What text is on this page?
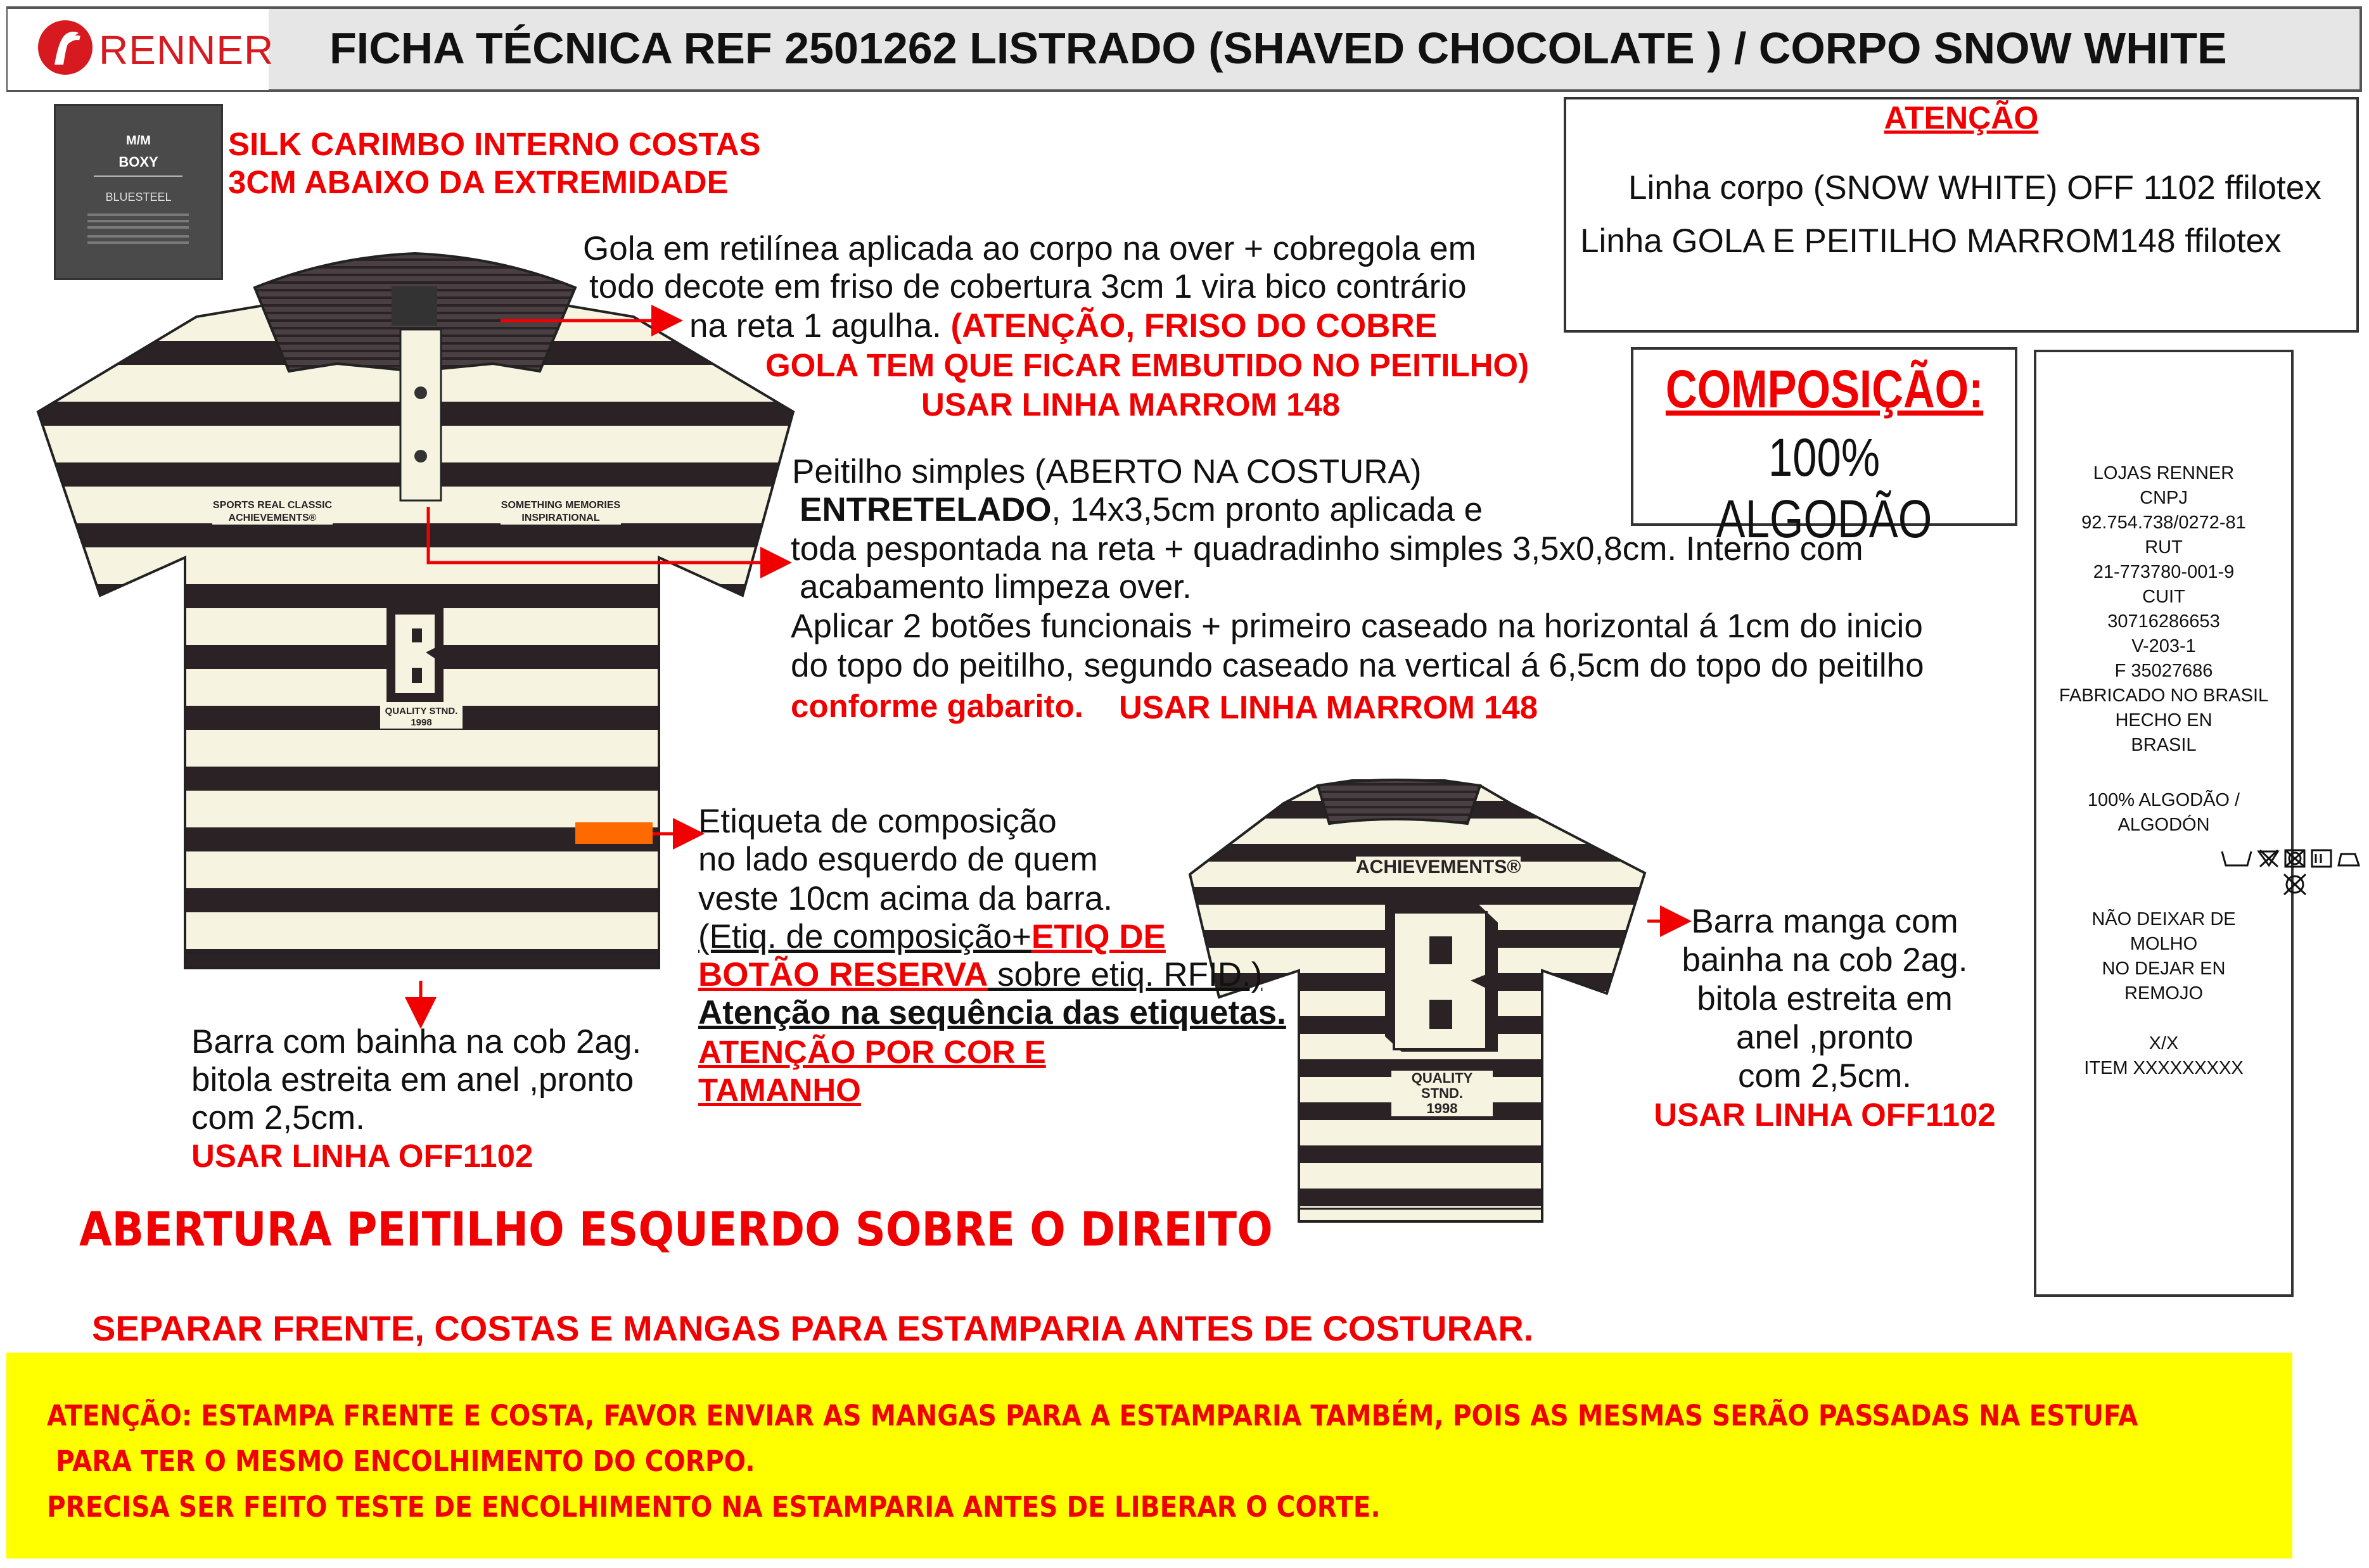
RENNER FICHA TÉCNICA REF 2501262 LISTRADO (SHAVED CHOCOLATE ) / CORPO SNOW WHITE
M/M
BOXY
BLUESTEEL
SILK CARIMBO INTERNO COSTAS
3CM ABAIXO DA EXTREMIDADE
ATENÇÃO
Linha corpo (SNOW WHITE) OFF 1102 ffilotex
Linha GOLA E PEITILHO MARROM148 ffilotex
COMPOSIÇÃO:
100% ALGODÃO
LOJAS RENNER
CNPJ
92.754.738/0272-81
RUT
21-773780-001-9
CUIT
30716286653
V-203-1
F 35027686
FABRICADO NO BRASIL
HECHO EN
BRASIL
100% ALGODÃO /
ALGODÓN
NÃO DEIXAR DE
MOLHO
NO DEJAR EN
REMOJO
X/X
ITEM XXXXXXXXX
SPORTS REAL CLASSIC
ACHIEVEMENTS®
SOMETHING MEMORIES
INSPIRATIONAL
QUALITY STND.
1998
ACHIEVEMENTS®
QUALITY STND.
1998
Gola em retilínea aplicada ao corpo na over + cobregola em
todo decote em friso de cobertura 3cm 1 vira bico contrário
na reta 1 agulha. (ATENÇÃO, FRISO DO COBRE
GOLA TEM QUE FICAR EMBUTIDO NO PEITILHO)
USAR LINHA MARROM 148
Peitilho simples (ABERTO NA COSTURA)
ENTRETELADO, 14x3,5cm pronto aplicada e
toda pespontada na reta + quadradinho simples 3,5x0,8cm. Interno com
acabamento limpeza over.
Aplicar 2 botões funcionais + primeiro caseado na horizontal á 1cm do inicio
do topo do peitilho, segundo caseado na vertical á 6,5cm do topo do peitilho
conforme gabarito. USAR LINHA MARROM 148
Etiqueta de composição
no lado esquerdo de quem
veste 10cm acima da barra.
(Etiq. de composição+ETIQ DE
BOTÃO RESERVA sobre etiq. RFID.)
Atenção na sequência das etiquetas.
ATENÇÃO POR COR E
TAMANHO
Barra com bainha na cob 2ag.
bitola estreita em anel ,pronto
com 2,5cm.
USAR LINHA OFF1102
Barra manga com
bainha na cob 2ag.
bitola estreita em
anel ,pronto
com 2,5cm.
USAR LINHA OFF1102
ABERTURA PEITILHO ESQUERDO SOBRE O DIREITO
SEPARAR FRENTE, COSTAS E MANGAS PARA ESTAMPARIA ANTES DE COSTURAR.
ATENÇÃO: ESTAMPA FRENTE E COSTA, FAVOR ENVIAR AS MANGAS PARA A ESTAMPARIA TAMBÉM, POIS AS MESMAS SERÃO PASSADAS NA ESTUFA
PARA TER O MESMO ENCOLHIMENTO DO CORPO.
PRECISA SER FEITO TESTE DE ENCOLHIMENTO NA ESTAMPARIA ANTES DE LIBERAR O CORTE.
